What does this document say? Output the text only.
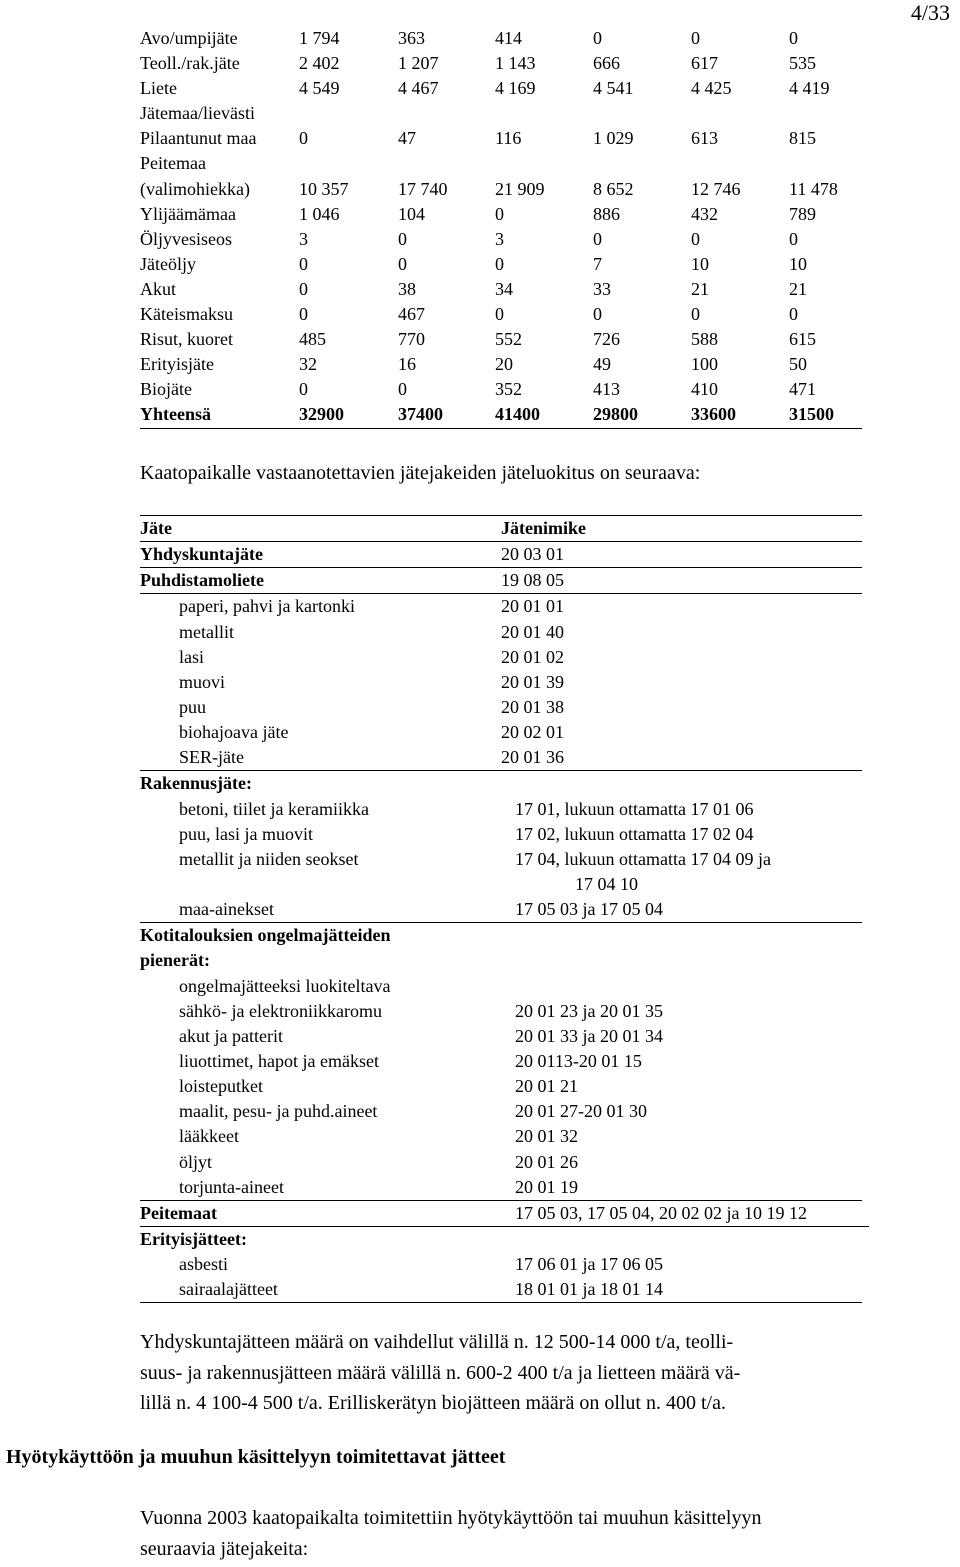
4/33
Avo/umpijäte	1 794	363	414	0	0	0
Teoll./rak.jäte	2 402	1 207	1 143	666	617	535
Liete	4 549	4 467	4 169	4 541	4 425	4 419
Jätemaa/lievästi
Pilaantunut maa 0	47	116	1 029	613	815
Peitemaa
(valimohiekka)	10 357	17 740	21 909	8 652	12 746	11 478
Ylijäämämaa	1 046	104	0	886	432	789
Öljyvesiseos	3	0	3	0	0	0
Jäteöljy	0	0	0	7	10	10
Akut	0	38	34	33	21	21
Käteismaksu	0	467	0	0	0	0
Risut, kuoret	485	770	552	726	588	615
Erityisjäte	32	16	20	49	100	50
Biojäte	0	0	352	413	410	471
Yhteensä	32900	37400	41400	29800	33600	31500
Kaatopaikalle vastaanotettavien jätejakeiden jäteluokitus on seuraava:
Jäte	Jätenimike
Yhdyskuntajäte	20 03 01
Puhdistamoliete	19 08 05
paperi, pahvi ja kartonki	20 01 01
metallit	20 01 40
lasi	20 01 02
muovi	20 01 39
puu	20 01 38
biohajoava jäte	20 02 01
SER-jäte	20 01 36
Rakennusjäte:
betoni, tiilet ja keramiikka	17 01, lukuun ottamatta 17 01 06
puu, lasi ja muovit	17 02, lukuun ottamatta 17 02 04
metallit ja niiden seokset	17 04, lukuun ottamatta 17 04 09 ja
17 04 10
maa-ainekset	17 05 03 ja 17 05 04
Kotitalouksien ongelmajätteiden
pienerät:
ongelmajätteeksi luokiteltava
sähkö- ja elektroniikkaromu	20 01 23 ja 20 01 35
akut ja patterit	20 01 33 ja 20 01 34
liuottimet, hapot ja emäkset	20 0113-20 01 15
loisteputket	20 01 21
maalit, pesu- ja puhd.aineet	20 01 27-20 01 30
lääkkeet	20 01 32
öljyt	20 01 26
torjunta-aineet	20 01 19
Peitemaat	17 05 03, 17 05 04, 20 02 02 ja 10 19 12
Erityisjätteet:
asbesti	17 06 01 ja 17 06 05
sairaalajätteet	18 01 01 ja 18 01 14
Yhdyskuntajätteen määrä on vaihdellut välillä n. 12 500-14 000 t/a, teolli-
suus- ja rakennusjätteen määrä välillä n. 600-2 400 t/a ja lietteen määrä vä-
lillä n. 4 100-4 500 t/a. Erilliskerätyn biojätteen määrä on ollut n. 400 t/a.
Hyötykäyttöön ja muuhun käsittelyyn toimitettavat jätteet
Vuonna 2003 kaatopaikalta toimitettiin hyötykäyttöön tai muuhun käsittelyyn
seuraavia jätejakeita:
